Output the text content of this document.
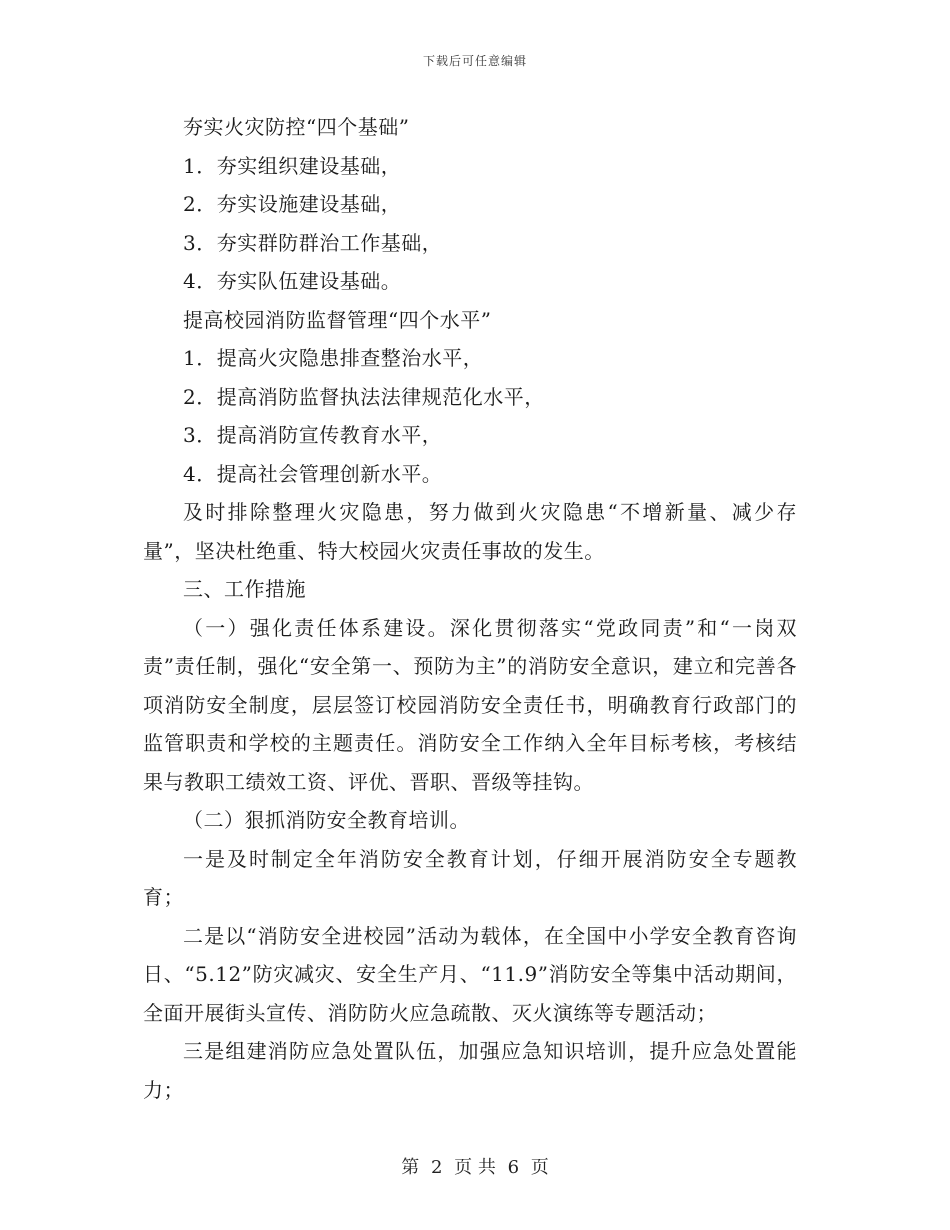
下载后可任意编辑

夯实火灾防控“四个基础”

1．夯实组织建设基础，

2．夯实设施建设基础，

3．夯实群防群治工作基础，

4．夯实队伍建设基础。

提高校园消防监督管理“四个水平”

1．提高火灾隐患排查整治水平，

2．提高消防监督执法法律规范化水平，

3．提高消防宣传教育水平，

4．提高社会管理创新水平。

及时排除整理火灾隐患，努力做到火灾隐患“不增新量、减少存量”，坚决杜绝重、特大校园火灾责任事故的发生。

三、工作措施

（一）强化责任体系建设。深化贯彻落实“党政同责”和“一岗双责”责任制，强化“安全第一、预防为主”的消防安全意识，建立和完善各项消防安全制度，层层签订校园消防安全责任书，明确教育行政部门的监管职责和学校的主题责任。消防安全工作纳入全年目标考核，考核结果与教职工绩效工资、评优、晋职、晋级等挂钩。

（二）狠抓消防安全教育培训。

一是及时制定全年消防安全教育计划，仔细开展消防安全专题教育；

二是以“消防安全进校园”活动为载体，在全国中小学安全教育咨询日、“5.12”防灾减灾、安全生产月、“11.9”消防安全等集中活动期间，全面开展街头宣传、消防防火应急疏散、灭火演练等专题活动；

三是组建消防应急处置队伍，加强应急知识培训，提升应急处置能力；

第 2 页 共 6 页
